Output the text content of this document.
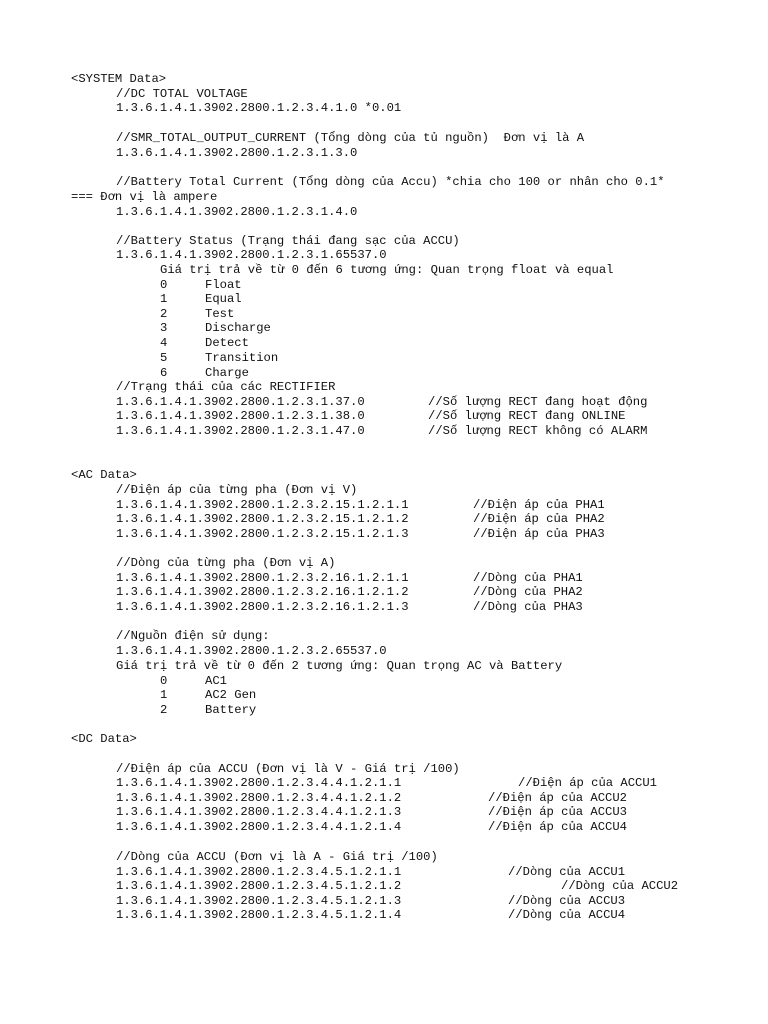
<SYSTEM Data>
//DC TOTAL VOLTAGE
1.3.6.1.4.1.3902.2800.1.2.3.4.1.0 *0.01
//SMR_TOTAL_OUTPUT_CURRENT (Tổng dòng của tủ nguồn)  Đơn vị là A
1.3.6.1.4.1.3902.2800.1.2.3.1.3.0
//Battery Total Current (Tổng dòng của Accu) *chia cho 100 or nhân cho 0.1*
=== Đơn vị là ampere
1.3.6.1.4.1.3902.2800.1.2.3.1.4.0
//Battery Status (Trạng thái đang sạc của ACCU)
1.3.6.1.4.1.3902.2800.1.2.3.1.65537.0
Giá trị trả về từ 0 đến 6 tương ứng: Quan trọng float và equal
0	Float
1	Equal
2	Test
3	Discharge
4	Detect
5	Transition
6	Charge
//Trạng thái của các RECTIFIER
1.3.6.1.4.1.3902.2800.1.2.3.1.37.0	//Số lượng RECT đang hoạt động
1.3.6.1.4.1.3902.2800.1.2.3.1.38.0	//Số lượng RECT đang ONLINE
1.3.6.1.4.1.3902.2800.1.2.3.1.47.0	//Số lượng RECT không có ALARM
<AC Data>
//Điện áp của từng pha (Đơn vị V)
1.3.6.1.4.1.3902.2800.1.2.3.2.15.1.2.1.1	//Điện áp của PHA1
1.3.6.1.4.1.3902.2800.1.2.3.2.15.1.2.1.2	//Điện áp của PHA2
1.3.6.1.4.1.3902.2800.1.2.3.2.15.1.2.1.3	//Điện áp của PHA3
//Dòng của từng pha (Đơn vị A)
1.3.6.1.4.1.3902.2800.1.2.3.2.16.1.2.1.1	//Dòng của PHA1
1.3.6.1.4.1.3902.2800.1.2.3.2.16.1.2.1.2	//Dòng của PHA2
1.3.6.1.4.1.3902.2800.1.2.3.2.16.1.2.1.3	//Dòng của PHA3
//Nguồn điện sử dụng:
1.3.6.1.4.1.3902.2800.1.2.3.2.65537.0
Giá trị trả về từ 0 đến 2 tương ứng: Quan trọng AC và Battery
0	AC1
1	AC2 Gen
2	Battery
<DC Data>
//Điện áp của ACCU (Đơn vị là V - Giá trị /100)
1.3.6.1.4.1.3902.2800.1.2.3.4.4.1.2.1.1	//Điện áp của ACCU1
1.3.6.1.4.1.3902.2800.1.2.3.4.4.1.2.1.2	//Điện áp của ACCU2
1.3.6.1.4.1.3902.2800.1.2.3.4.4.1.2.1.3	//Điện áp của ACCU3
1.3.6.1.4.1.3902.2800.1.2.3.4.4.1.2.1.4	//Điện áp của ACCU4
//Dòng của ACCU (Đơn vị là A - Giá trị /100)
1.3.6.1.4.1.3902.2800.1.2.3.4.5.1.2.1.1	//Dòng của ACCU1
1.3.6.1.4.1.3902.2800.1.2.3.4.5.1.2.1.2	//Dòng của ACCU2
1.3.6.1.4.1.3902.2800.1.2.3.4.5.1.2.1.3	//Dòng của ACCU3
1.3.6.1.4.1.3902.2800.1.2.3.4.5.1.2.1.4	//Dòng của ACCU4
